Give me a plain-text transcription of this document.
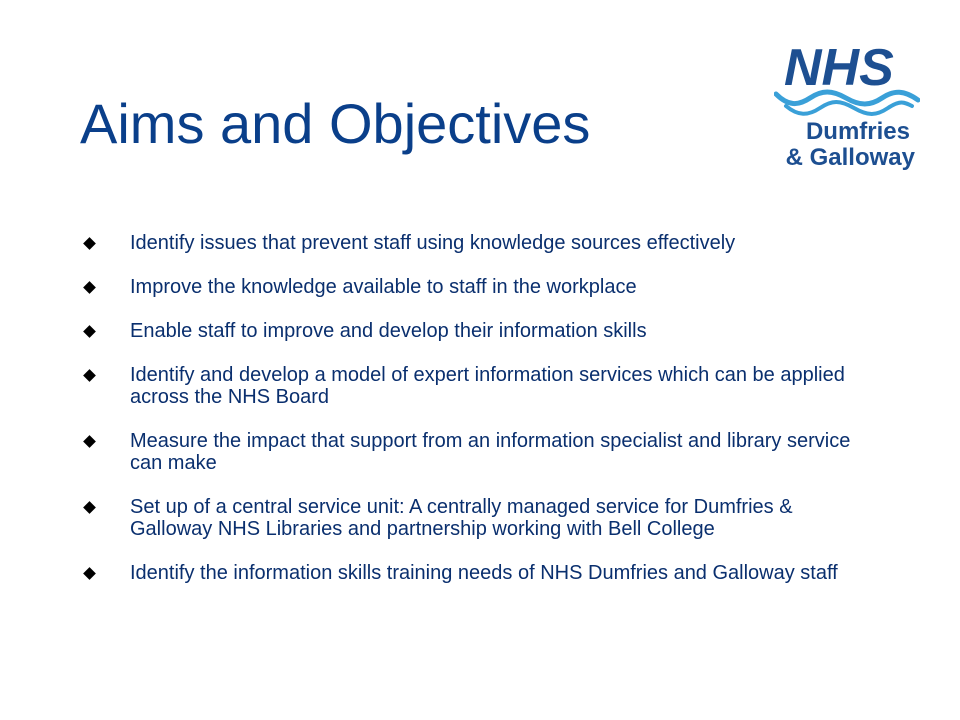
Aims and Objectives
NHS
Dumfries
& Galloway
Identify issues that prevent staff using knowledge sources effectively
Improve the knowledge available to staff in the workplace
Enable staff to improve and develop their information skills
Identify and develop a model of expert information services which can be applied across the NHS Board
Measure the impact that support from an information specialist and library service can make
Set up of a central service unit: A centrally managed service for Dumfries & Galloway NHS Libraries and partnership working with Bell College
Identify the information skills training needs of NHS Dumfries and Galloway staff
